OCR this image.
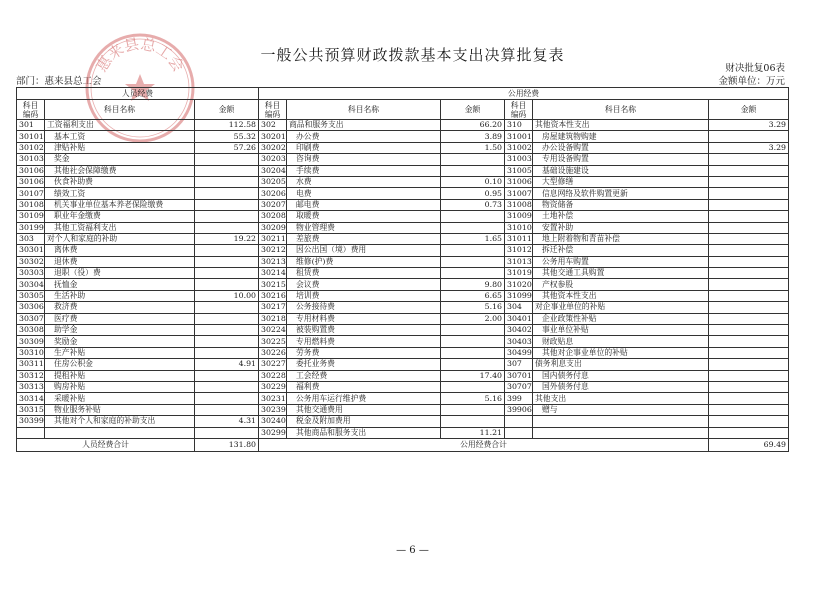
一般公共预算财政拨款基本支出决算批复表
财决批复06表
金额单位：万元
部门：惠来县总工会
惠来县总工会
人员经费			公用经费					
科目编码	科目名称	金额	科目编码	科目名称	金额	科目编码	科目名称	金额
301	工资福利支出	112.58	302	商品和服务支出	66.20	310	其他资本性支出	3.29
30101	基本工资	55.32	30201	办公费	3.89	31001	房屋建筑物购建	
30102	津贴补贴	57.26	30202	印刷费	1.50	31002	办公设备购置	3.29
30103	奖金		30203	咨询费		31003	专用设备购置	
30106	其他社会保障缴费		30204	手续费		31005	基础设施建设	
30106	伙食补助费		30205	水费	0.10	31006	大型修缮	
30107	绩效工资		30206	电费	0.95	31007	信息网络及软件购置更新	
30108	机关事业单位基本养老保险缴费		30207	邮电费	0.73	31008	物资储备	
30109	职业年金缴费		30208	取暖费		31009	土地补偿	
30199	其他工资福利支出		30209	物业管理费		31010	安置补助	
303	对个人和家庭的补助	19.22	30211	差旅费	1.65	31011	地上附着物和青苗补偿	
30301	离休费		30212	因公出国（境）费用		31012	拆迁补偿	
30302	退休费		30213	维修(护)费		31013	公务用车购置	
30303	退职（役）费		30214	租赁费		31019	其他交通工具购置	
30304	抚恤金		30215	会议费	9.80	31020	产权参股	
30305	生活补助	10.00	30216	培训费	6.65	31099	其他资本性支出	
30306	救济费		30217	公务接待费	5.16	304	对企事业单位的补贴	
30307	医疗费		30218	专用材料费	2.00	30401	企业政策性补贴	
30308	助学金		30224	被装购置费		30402	事业单位补贴	
30309	奖励金		30225	专用燃料费		30403	财政贴息	
30310	生产补贴		30226	劳务费		30499	其他对企事业单位的补贴	
30311	住房公积金	4.91	30227	委托业务费		307	债务利息支出	
30312	提租补贴		30228	工会经费	17.40	30701	国内债务付息	
30313	购房补贴		30229	福利费		30707	国外债务付息	
30314	采暖补贴		30231	公务用车运行维护费	5.16	399	其他支出	
30315	物业服务补贴		30239	其他交通费用		39906	赠与	
30399	其他对个人和家庭的补助支出	4.31	30240	税金及附加费用				
			30299	其他商品和服务支出	11.21			
人员经费合计		131.80	公用经费合计					69.49
— 6 —
